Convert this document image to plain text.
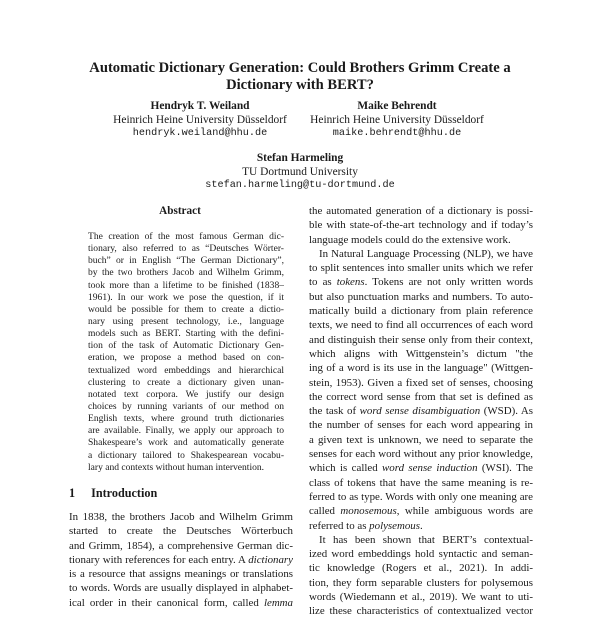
Automatic Dictionary Generation: Could Brothers Grimm Create a
Dictionary with BERT?
Hendryk T. Weiland
Heinrich Heine University Düsseldorf
hendryk.weiland@hhu.de
Maike Behrendt
Heinrich Heine University Düsseldorf
maike.behrendt@hhu.de
Stefan Harmeling
TU Dortmund University
stefan.harmeling@tu-dortmund.de
Abstract
The creation of the most famous German dic-
tionary, also referred to as “Deutsches Wörter-
buch” or in English “The German Dictionary”,
by the two brothers Jacob and Wilhelm Grimm,
took more than a lifetime to be finished (1838–
1961). In our work we pose the question, if it
would be possible for them to create a dictio-
nary using present technology, i.e., language
models such as BERT. Starting with the defini-
tion of the task of Automatic Dictionary Gen-
eration, we propose a method based on con-
textualized word embeddings and hierarchical
clustering to create a dictionary given unan-
notated text corpora. We justify our design
choices by running variants of our method on
English texts, where ground truth dictionaries
are available. Finally, we apply our approach to
Shakespeare’s work and automatically generate
a dictionary tailored to Shakespearean vocabu-
lary and contexts without human intervention.
1 Introduction
In 1838, the brothers Jacob and Wilhelm Grimm
started to create the Deutsches Wörterbuch
and Grimm, 1854), a comprehensive German dic-
tionary with references for each entry. A dictionary
is a resource that assigns meanings or translations
to words. Words are usually displayed in alphabet-
ical order in their canonical form, called lemma
the automated generation of a dictionary is possi-
ble with state-of-the-art technology and if today’s
language models could do the extensive work.
In Natural Language Processing (NLP), we have
to split sentences into smaller units which we refer
to as tokens. Tokens are not only written words
but also punctuation marks and numbers. To auto-
matically build a dictionary from plain reference
texts, we need to find all occurrences of each word
and distinguish their sense only from their context,
which aligns with Wittgenstein’s dictum "the
ing of a word is its use in the language" (Wittgen-
stein, 1953). Given a fixed set of senses, choosing
the correct word sense from that set is defined as
the task of word sense disambiguation (WSD). As
the number of senses for each word appearing in
a given text is unknown, we need to separate the
senses for each word without any prior knowledge,
which is called word sense induction (WSI). The
class of tokens that have the same meaning is re-
ferred to as type. Words with only one meaning are
called monosemous, while ambiguous words are
referred to as polysemous.
It has been shown that BERT’s contextual-
ized word embeddings hold syntactic and seman-
tic knowledge (Rogers et al., 2021). In addi-
tion, they form separable clusters for polysemous
words (Wiedemann et al., 2019). We want to uti-
lize these characteristics of contextualized vector
